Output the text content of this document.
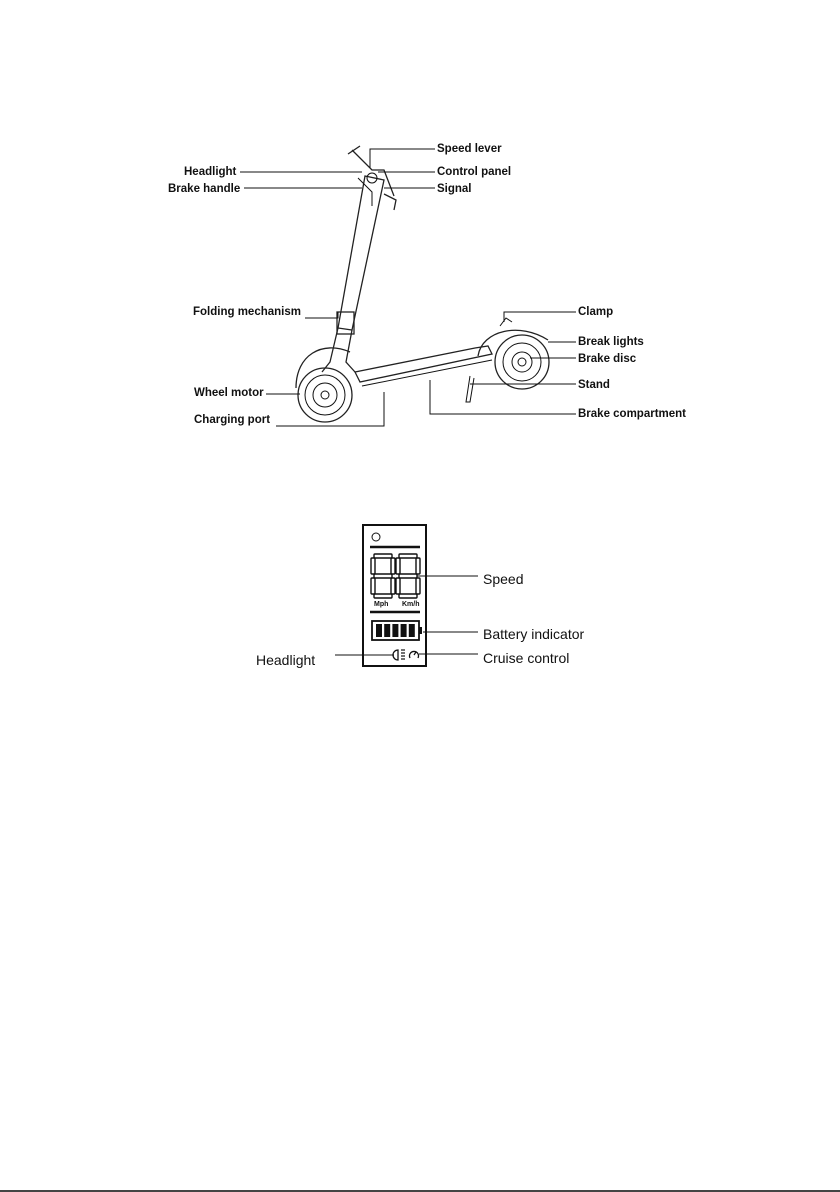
Speed lever
Headlight	Control panel
Brake handle	Signal
Folding mechanism	Clamp
Break lights
Brake disc
Wheel motor
Stand
Charging port	Brake compartment
Mph Km/h
Speed
Battery indicator
Headlight	Cruise control
